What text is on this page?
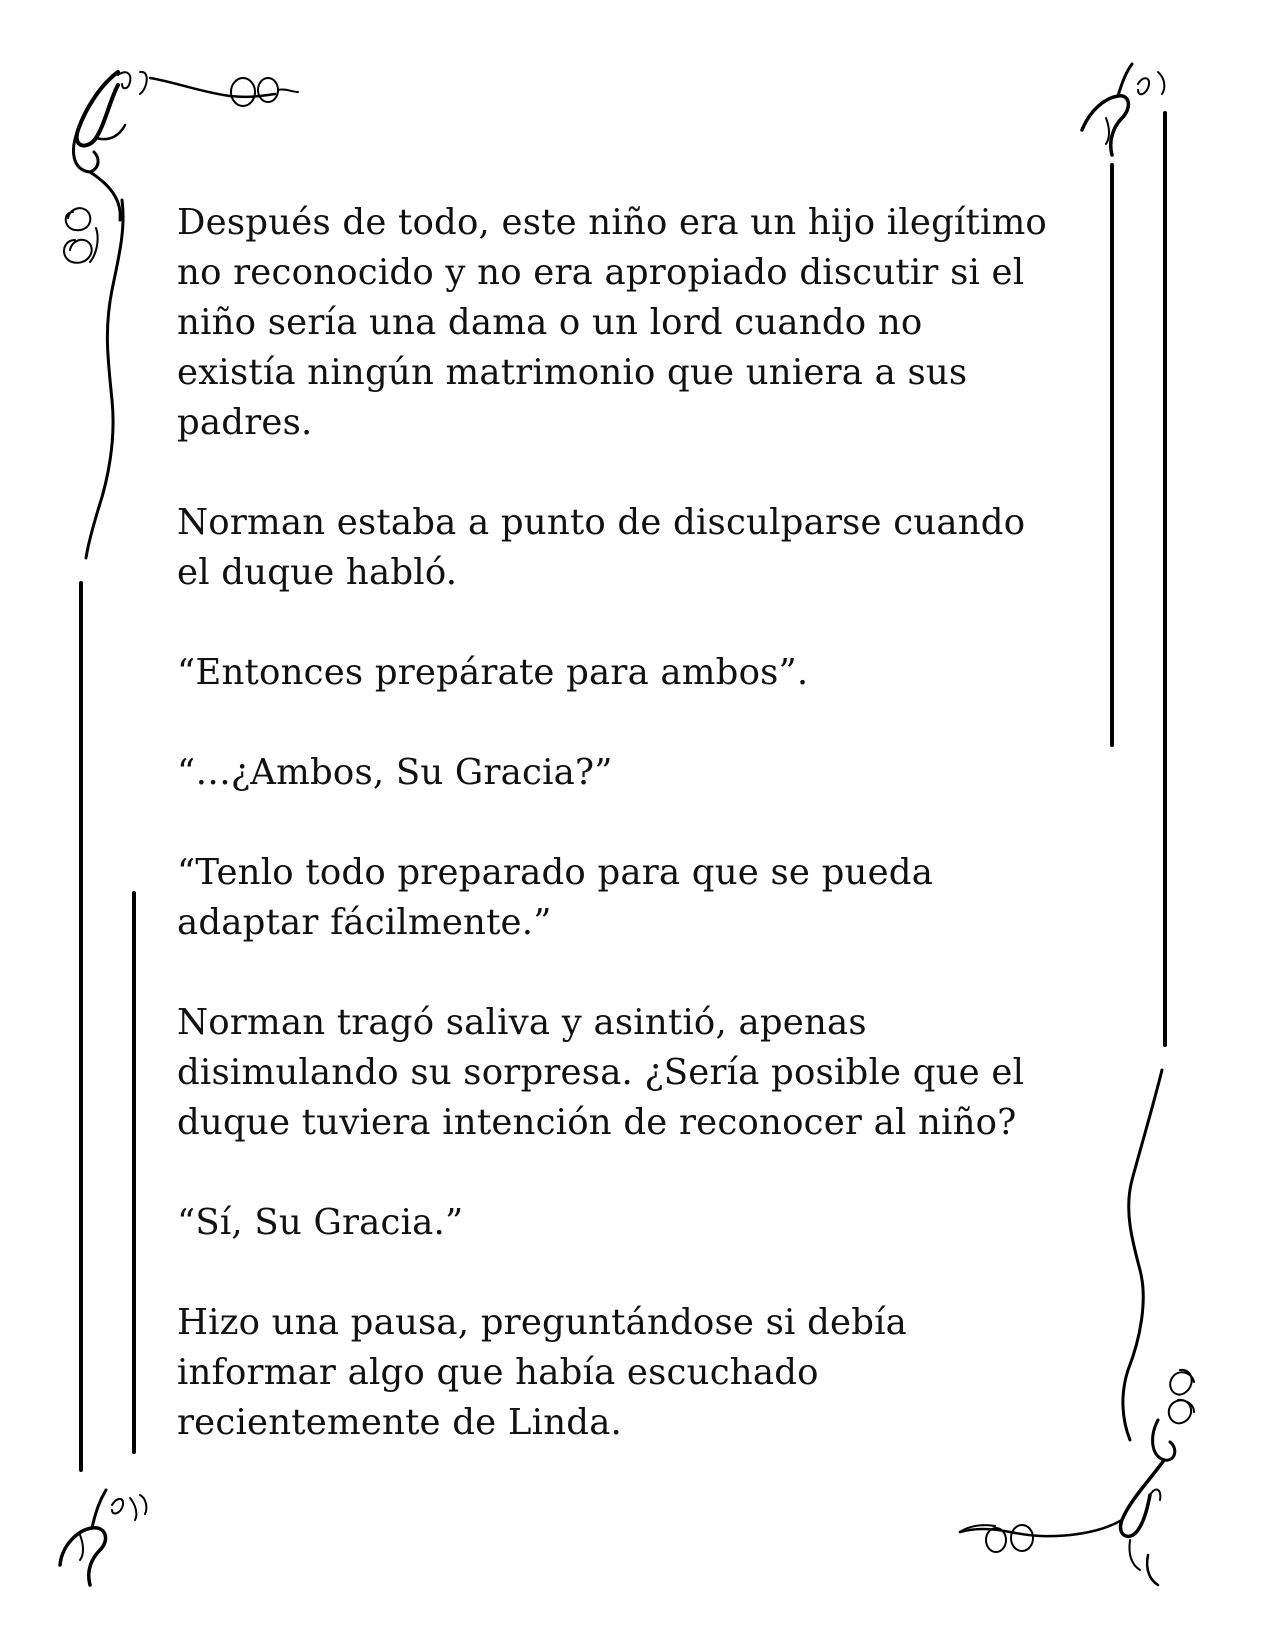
Después de todo, este niño era un hijo ilegítimo
no reconocido y no era apropiado discutir si el
niño sería una dama o un lord cuando no
existía ningún matrimonio que uniera a sus
padres.

Norman estaba a punto de disculparse cuando
el duque habló.

“Entonces prepárate para ambos”.

“…¿Ambos, Su Gracia?”

“Tenlo todo preparado para que se pueda
adaptar fácilmente.”

Norman tragó saliva y asintió, apenas
disimulando su sorpresa. ¿Sería posible que el
duque tuviera intención de reconocer al niño?

“Sí, Su Gracia.”

Hizo una pausa, preguntándose si debía
informar algo que había escuchado
recientemente de Linda.
